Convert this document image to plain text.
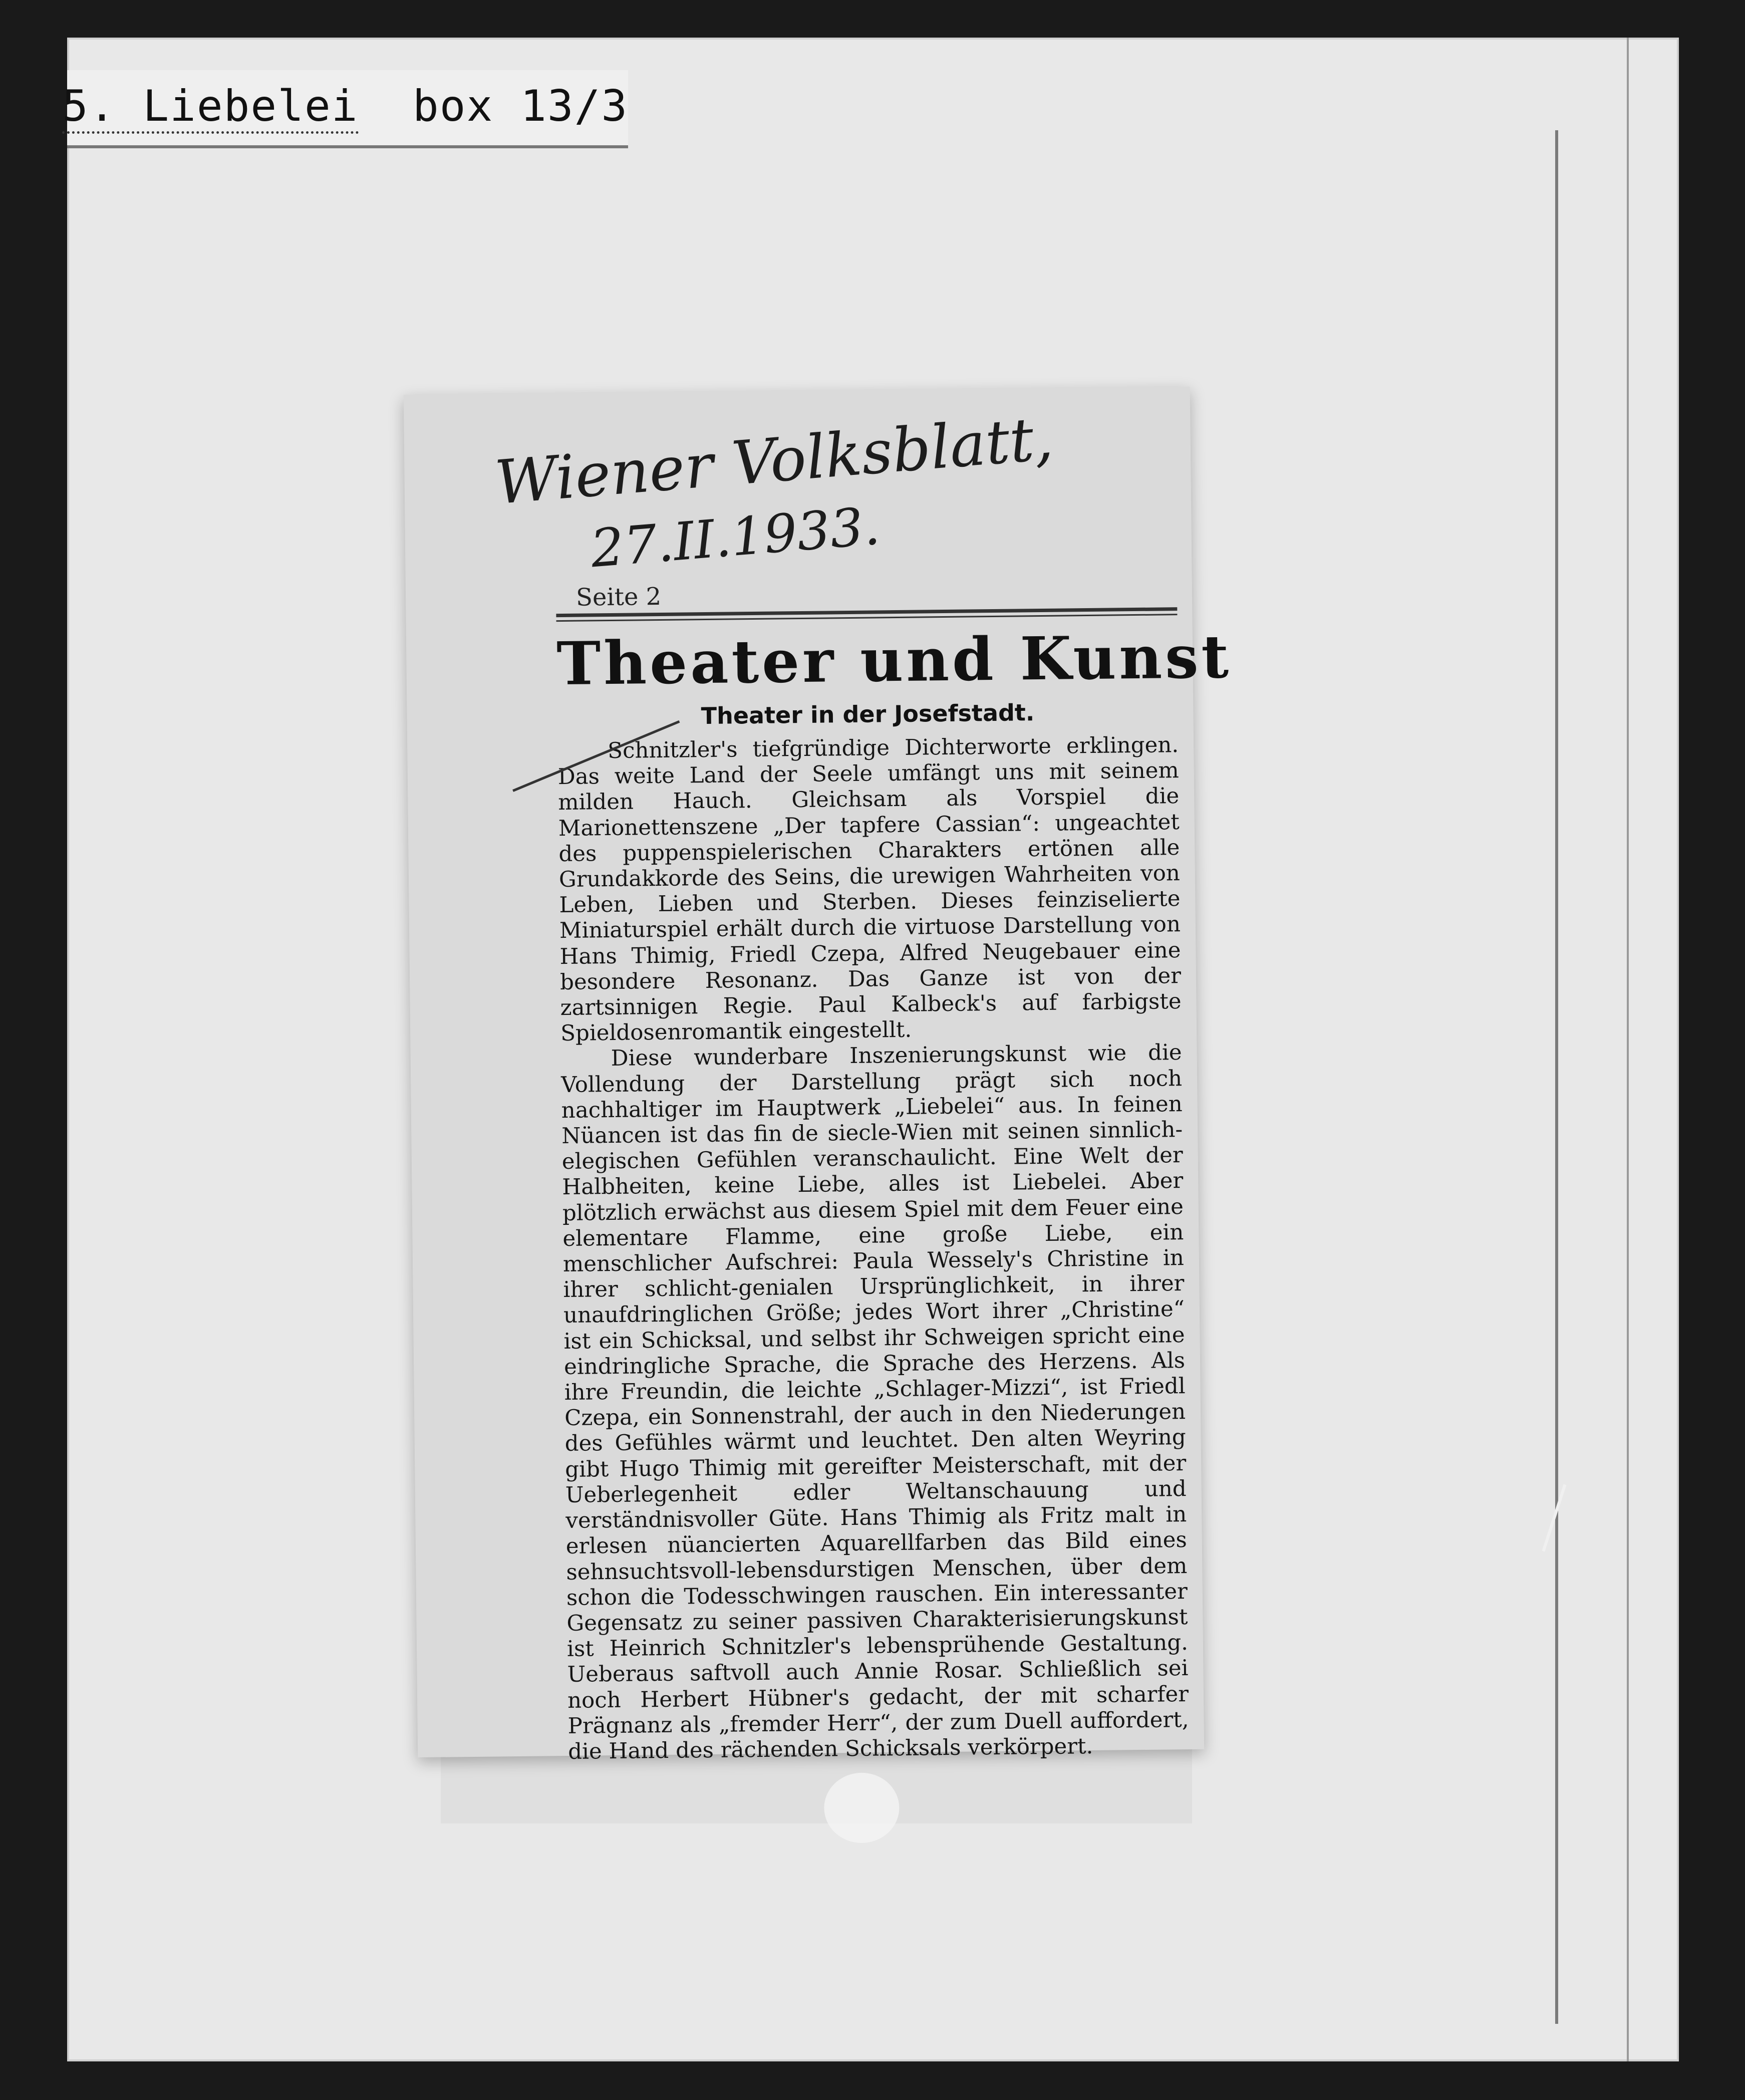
5. Liebelei box 13/3
Wiener Volksblatt,
27.II.1933.
Seite 2
Theater und Kunst
Theater in der Josefstadt.

Schnitzler's tiefgründige Dichterworte erklingen. Das weite Land der Seele umfängt uns mit seinem milden Hauch. Gleichsam als Vorspiel die Marionettenszene „Der tapfere Cassian“: ungeachtet des puppenspielerischen Charakters ertönen alle Grundakkorde des Seins, die urewigen Wahrheiten von Leben, Lieben und Sterben. Dieses feinziselierte Miniaturspiel erhält durch die virtuose Darstellung von Hans Thimig, Friedl Czepa, Alfred Neugebauer eine besondere Resonanz. Das Ganze ist von der zartsinnigen Regie. Paul Kalbeck's auf farbigste Spieldosenromantik eingestellt.

Diese wunderbare Inszenierungskunst wie die Vollendung der Darstellung prägt sich noch nachhaltiger im Hauptwerk „Liebelei“ aus. In feinen Nüancen ist das fin de siecle-Wien mit seinen sinnlich-elegischen Gefühlen veranschaulicht. Eine Welt der Halbheiten, keine Liebe, alles ist Liebelei. Aber plötzlich erwächst aus diesem Spiel mit dem Feuer eine elementare Flamme, eine große Liebe, ein menschlicher Aufschrei: Paula Wessely's Christine in ihrer schlicht-genialen Ursprünglichkeit, in ihrer unaufdringlichen Größe; jedes Wort ihrer „Christine“ ist ein Schicksal, und selbst ihr Schweigen spricht eine eindringliche Sprache, die Sprache des Herzens. Als ihre Freundin, die leichte „Schlager-Mizzi“, ist Friedl Czepa, ein Sonnenstrahl, der auch in den Niederungen des Gefühles wärmt und leuchtet. Den alten Weyring gibt Hugo Thimig mit gereifter Meisterschaft, mit der Ueberlegenheit edler Weltanschauung und verständnisvoller Güte. Hans Thimig als Fritz malt in erlesen nüancierten Aquarellfarben das Bild eines sehnsuchtsvoll-lebensdurstigen Menschen, über dem schon die Todesschwingen rauschen. Ein interessanter Gegensatz zu seiner passiven Charakterisierungskunst ist Heinrich Schnitzler's lebensprühende Gestaltung. Ueberaus saftvoll auch Annie Rosar. Schließlich sei noch Herbert Hübner's gedacht, der mit scharfer Prägnanz als „fremder Herr“, der zum Duell auffordert, die Hand des rächenden Schicksals verkörpert.
